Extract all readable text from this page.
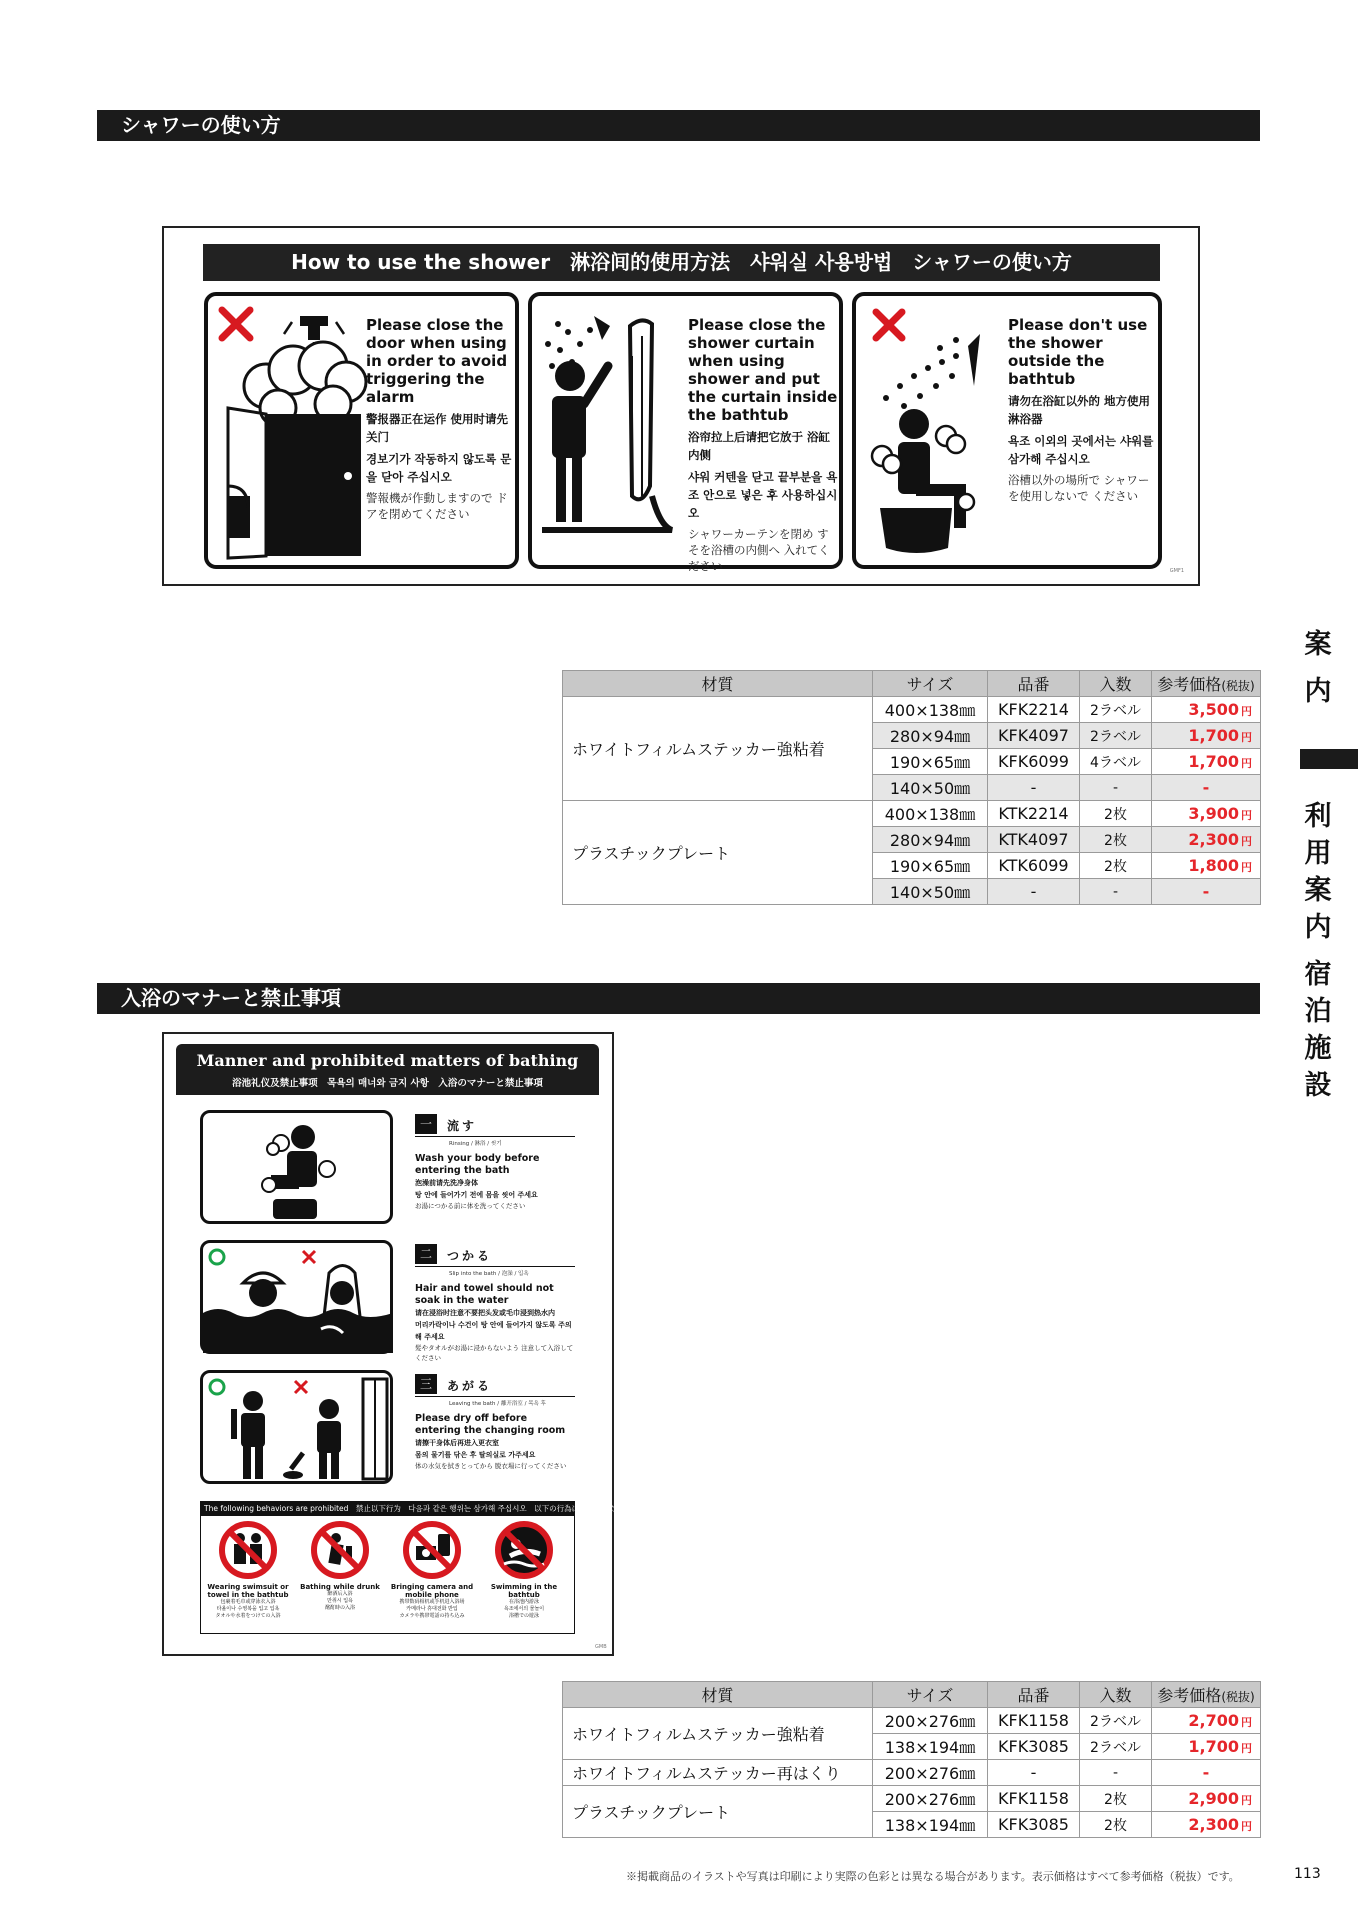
シャワーの使い方
How to use the shower　淋浴间的使用方法　샤워실 사용방법　シャワーの使い方
Please close the door when using in order to avoid triggering the alarm
警报器正在运作 使用时请先关门
경보기가 작동하지 않도록 문을 닫아 주십시오
警報機が作動しますので ドアを閉めてください
Please close the shower curtain when using shower and put the curtain inside the bathtub
浴帘拉上后请把它放于 浴缸内侧
샤워 커텐을 닫고 끝부분을 욕조 안으로 넣은 후 사용하십시오
シャワーカーテンを閉め すそを浴槽の内側へ 入れてください
Please don't use the shower outside the bathtub
请勿在浴缸以外的 地方使用淋浴器
욕조 이외의 곳에서는 샤워를 삼가해 주십시오
浴槽以外の場所で シャワーを使用しないで ください
GMF1
材質	サイズ	品番	入数	参考価格(税抜)
ホワイトフィルムステッカー強粘着	400×138㎜	KFK2214	2ラベル	3,500 円
	280×94㎜	KFK4097	2ラベル	1,700 円
	190×65㎜	KFK6099	4ラベル	1,700 円
	140×50㎜	-	-	-
プラスチックプレート	400×138㎜	KTK2214	2枚	3,900 円
	280×94㎜	KTK4097	2枚	2,300 円
	190×65㎜	KTK6099	2枚	1,800 円
	140×50㎜	-	-	-
入浴のマナーと禁止事項
Manner and prohibited matters of bathing
浴池礼仪及禁止事项　목욕의 매너와 금지 사항　入浴のマナーと禁止事項
一	流す
Rinsing / 淋浴 / 씻기
Wash your body before entering the bath
泡澡前请先洗净身体
탕 안에 들어가기 전에 몸을 씻어 주세요
お湯につかる前に体を洗ってください
二	つかる
Slip into the bath / 泡澡 / 입욕
Hair and towel should not soak in the water
请在浸浴时注意不要把头发或毛巾浸到热水内
머리카락이나 수건이 탕 안에 들어가지 않도록 주의해 주세요
髪やタオルがお湯に浸からないよう 注意して入浴してください
三	あがる
Leaving the bath / 離开浴室 / 목욕 후
Please dry off before entering the changing room
请擦干身体后再进入更衣室
몸의 물기를 닦은 후 탈의실로 가주세요
体の水気を拭きとってから 脱衣場に行ってください
The following behaviors are prohibited　禁止以下行为　다음과 같은 행위는 삼가해 주십시오　以下の行為はおやめください
Wearing swimsuit or towel in the bathtub
包裹着毛巾或穿泳衣入浴
타올이나 수영복을 입고 입욕
タオルや水着をつけての入浴
Bathing while drunk
醉酒后入浴
만취시 입욕
酩酊時の入浴
Bringing camera and mobile phone
携带数码相机或手机进入浴场
카메라나 휴대전화 반입
カメラや携帯電話の持ち込み
Swimming in the bathtub
在浴池内游泳
욕조에서의 물놀이
浴槽での遊泳
GMB
材質	サイズ	品番	入数	参考価格(税抜)
ホワイトフィルムステッカー強粘着	200×276㎜	KFK1158	2ラベル	2,700 円
	138×194㎜	KFK3085	2ラベル	1,700 円
ホワイトフィルムステッカー再はくり	200×276㎜	-	-	-
プラスチックプレート	200×276㎜	KFK1158	2枚	2,900 円
	138×194㎜	KFK3085	2枚	2,300 円
案
内
利
用
案
内
宿
泊
施
設
※掲載商品のイラストや写真は印刷により実際の色彩とは異なる場合があります。表示価格はすべて参考価格（税抜）です。	113
